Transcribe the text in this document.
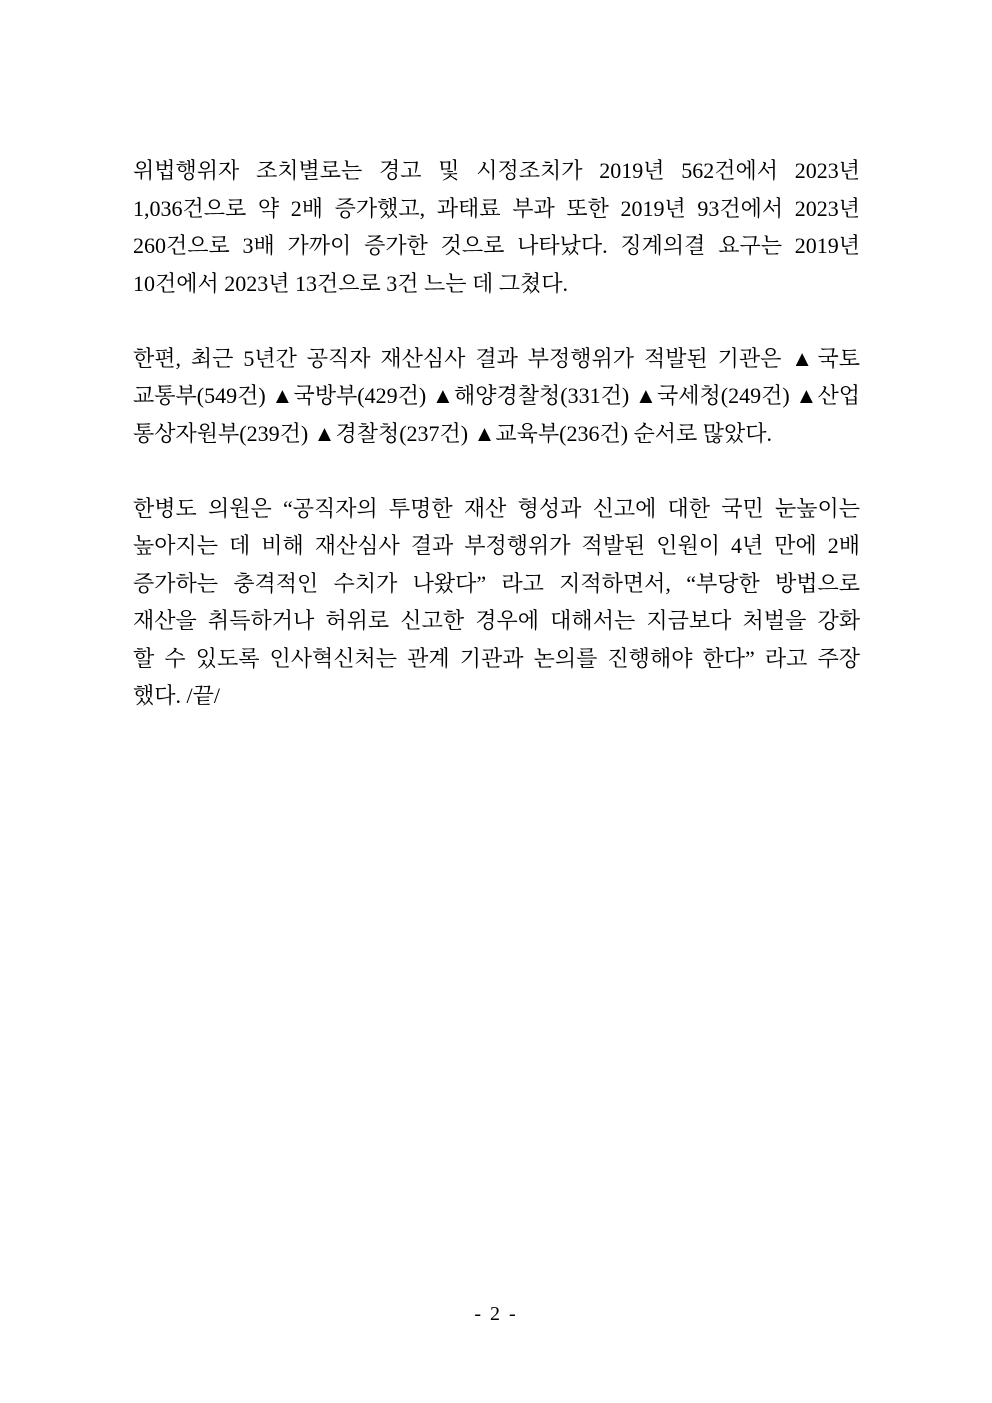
위법행위자 조치별로는 경고 및 시정조치가 2019년 562건에서 2023년
1,036건으로 약 2배 증가했고, 과태료 부과 또한 2019년 93건에서 2023년
260건으로 3배 가까이 증가한 것으로 나타났다. 징계의결 요구는 2019년
10건에서 2023년 13건으로 3건 느는 데 그쳤다.
한편, 최근 5년간 공직자 재산심사 결과 부정행위가 적발된 기관은 ▲국토
교통부(549건) ▲국방부(429건) ▲해양경찰청(331건) ▲국세청(249건) ▲산업
통상자원부(239건) ▲경찰청(237건) ▲교육부(236건) 순서로 많았다.
한병도 의원은 “공직자의 투명한 재산 형성과 신고에 대한 국민 눈높이는
높아지는 데 비해 재산심사 결과 부정행위가 적발된 인원이 4년 만에 2배
증가하는 충격적인 수치가 나왔다” 라고 지적하면서, “부당한 방법으로
재산을 취득하거나 허위로 신고한 경우에 대해서는 지금보다 처벌을 강화
할 수 있도록 인사혁신처는 관계 기관과 논의를 진행해야 한다” 라고 주장
했다. /끝/
- 2 -
